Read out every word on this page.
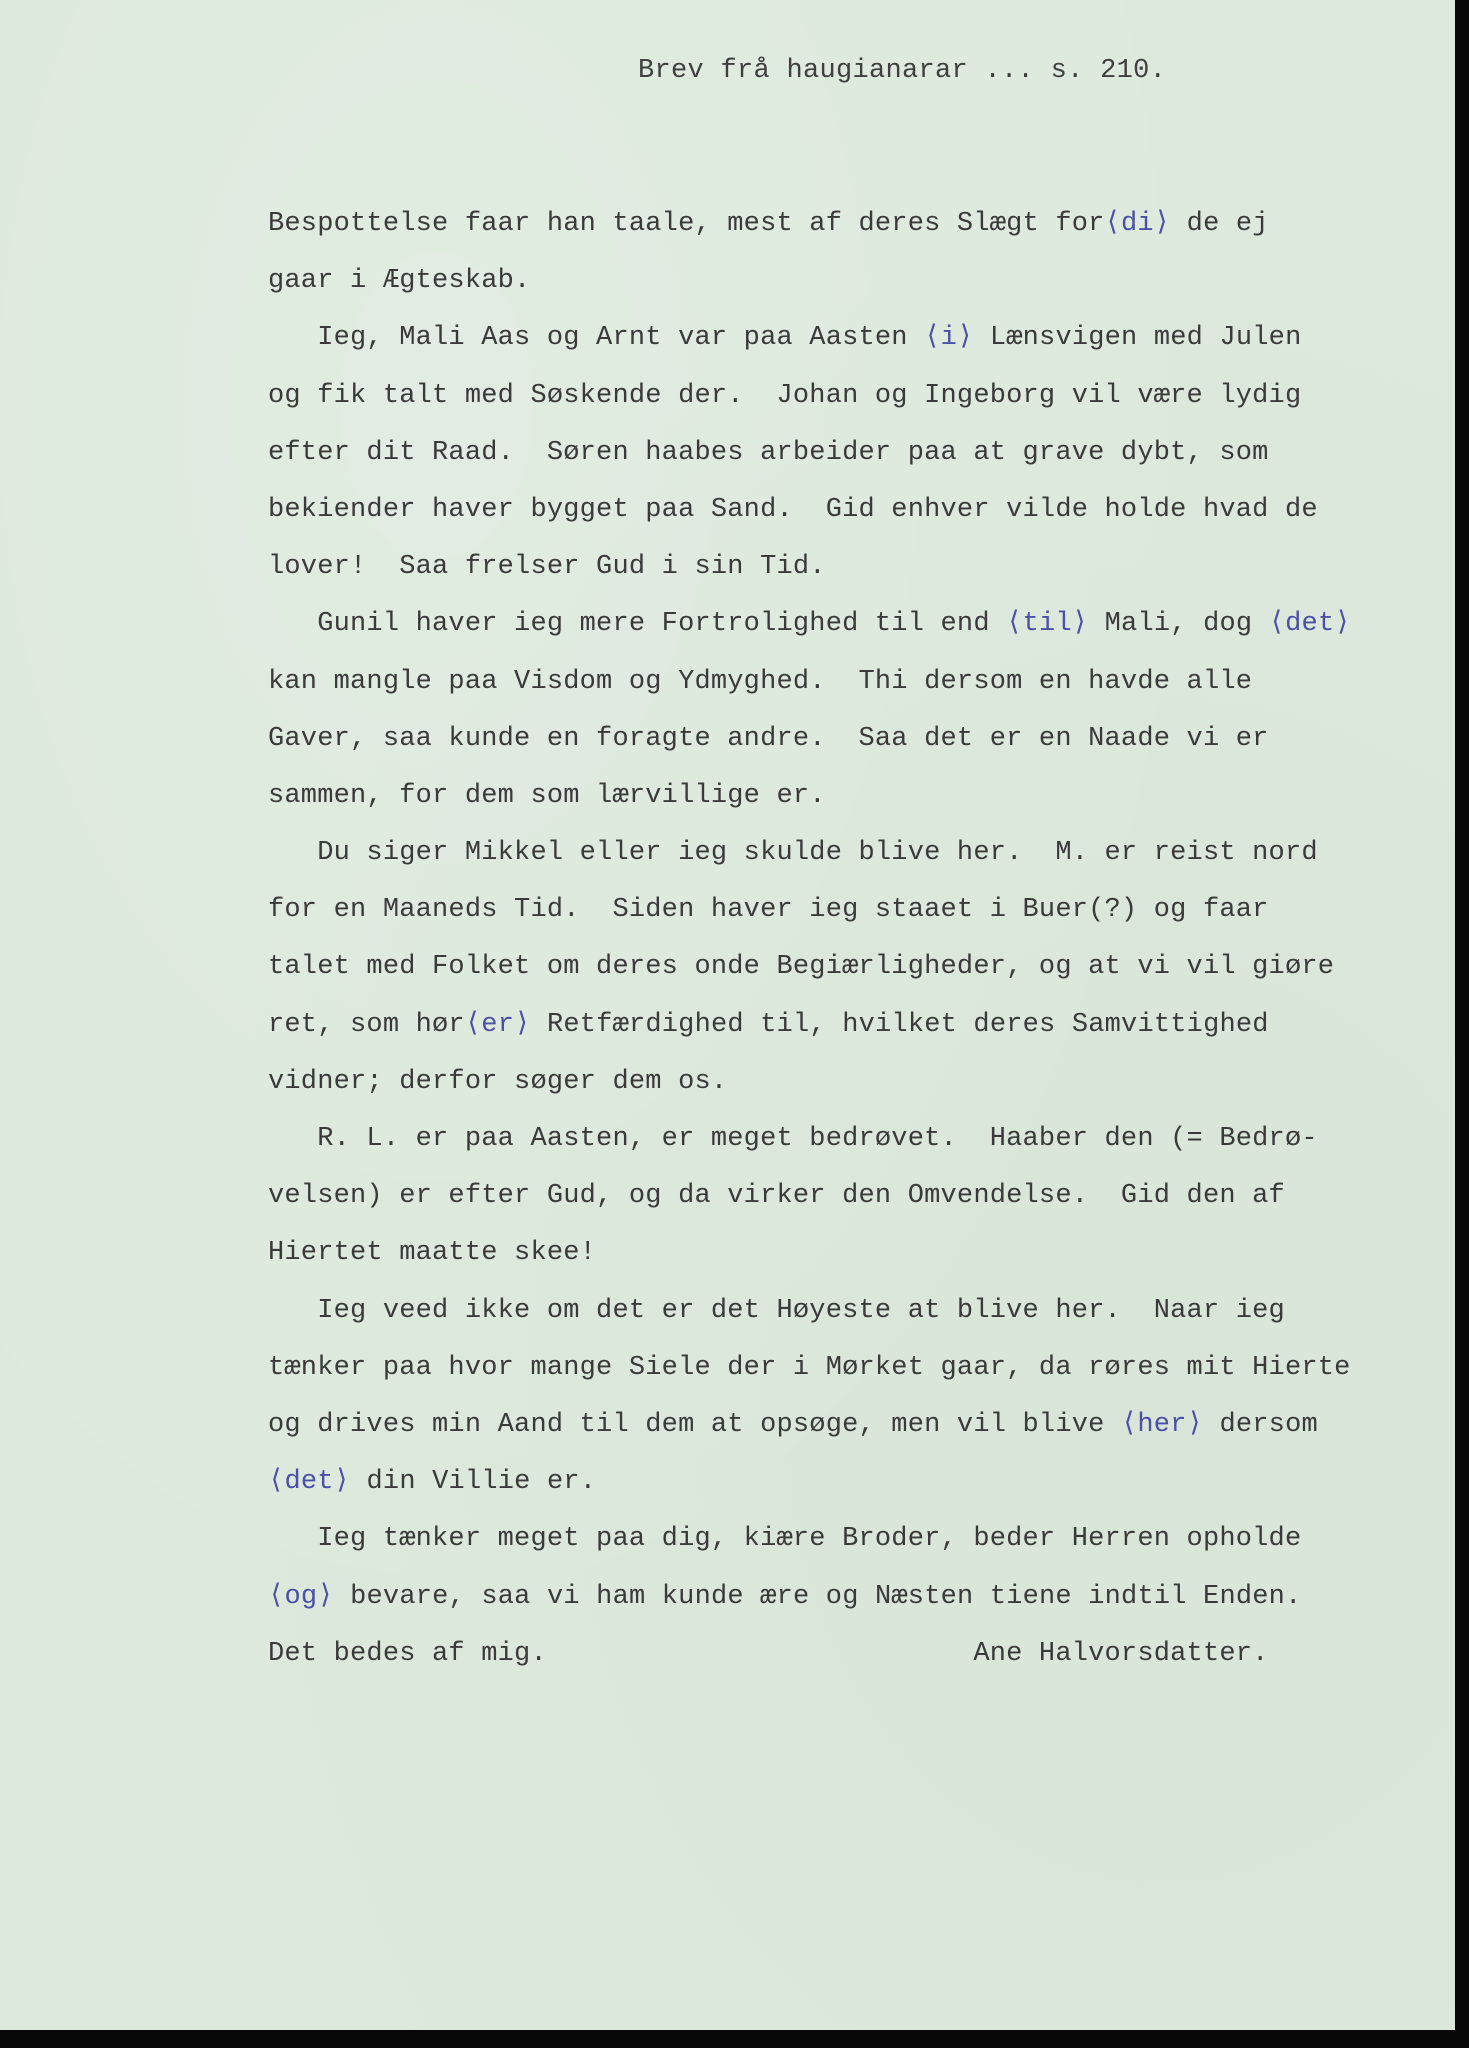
Brev frå haugianarar ... s. 210.
Bespottelse faar han taale, mest af deres Slægt for⟨di⟩ de ej
gaar i Ægteskab.
Ieg, Mali Aas og Arnt var paa Aasten ⟨i⟩ Lænsvigen med Julen
og fik talt med Søskende der.  Johan og Ingeborg vil være lydig
efter dit Raad.  Søren haabes arbeider paa at grave dybt, som
bekiender haver bygget paa Sand.  Gid enhver vilde holde hvad de
lover!  Saa frelser Gud i sin Tid.
Gunil haver ieg mere Fortrolighed til end ⟨til⟩ Mali, dog ⟨det⟩
kan mangle paa Visdom og Ydmyghed.  Thi dersom en havde alle
Gaver, saa kunde en foragte andre.  Saa det er en Naade vi er
sammen, for dem som lærvillige er.
Du siger Mikkel eller ieg skulde blive her.  M. er reist nord
for en Maaneds Tid.  Siden haver ieg staaet i Buer(?) og faar
talet med Folket om deres onde Begiærligheder, og at vi vil giøre
ret, som hør⟨er⟩ Retfærdighed til, hvilket deres Samvittighed
vidner; derfor søger dem os.
R. L. er paa Aasten, er meget bedrøvet.  Haaber den (= Bedrø-
velsen) er efter Gud, og da virker den Omvendelse.  Gid den af
Hiertet maatte skee!
Ieg veed ikke om det er det Høyeste at blive her.  Naar ieg
tænker paa hvor mange Siele der i Mørket gaar, da røres mit Hierte
og drives min Aand til dem at opsøge, men vil blive ⟨her⟩ dersom
⟨det⟩ din Villie er.
Ieg tænker meget paa dig, kiære Broder, beder Herren opholde
⟨og⟩ bevare, saa vi ham kunde ære og Næsten tiene indtil Enden.
Det bedes af mig.                          Ane Halvorsdatter.
